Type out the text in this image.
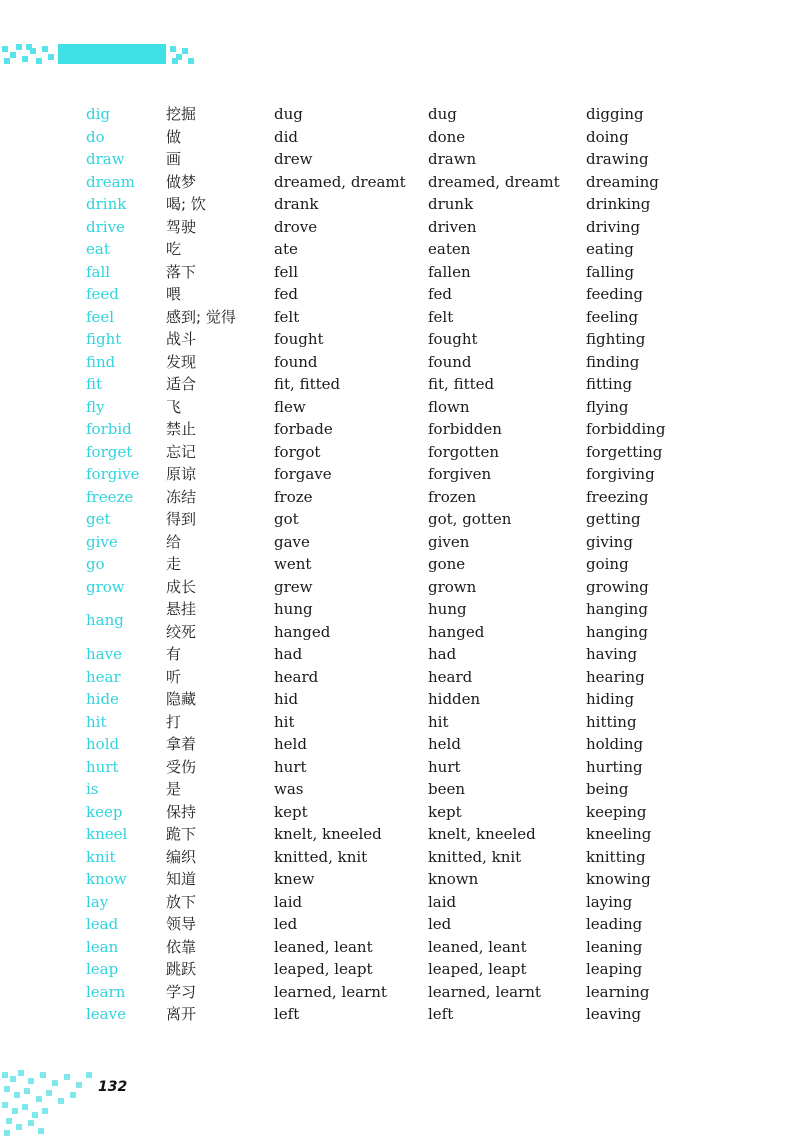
dig	挖掘	dug	dug	digging
do	做	did	done	doing
draw	画	drew	drawn	drawing
dream	做梦	dreamed, dreamt	dreamed, dreamt	dreaming
drink	喝; 饮	drank	drunk	drinking
drive	驾驶	drove	driven	driving
eat	吃	ate	eaten	eating
fall	落下	fell	fallen	falling
feed	喂	fed	fed	feeding
feel	感到; 觉得	felt	felt	feeling
fight	战斗	fought	fought	fighting
find	发现	found	found	finding
fit	适合	fit, fitted	fit, fitted	fitting
fly	飞	flew	flown	flying
forbid	禁止	forbade	forbidden	forbidding
forget	忘记	forgot	forgotten	forgetting
forgive	原谅	forgave	forgiven	forgiving
freeze	冻结	froze	frozen	freezing
get	得到	got	got, gotten	getting
give	给	gave	given	giving
go	走	went	gone	going
grow	成长	grew	grown	growing
hang	悬挂	hung	hung	hanging
	绞死	hanged	hanged	hanging
have	有	had	had	having
hear	听	heard	heard	hearing
hide	隐藏	hid	hidden	hiding
hit	打	hit	hit	hitting
hold	拿着	held	held	holding
hurt	受伤	hurt	hurt	hurting
is	是	was	been	being
keep	保持	kept	kept	keeping
kneel	跪下	knelt, kneeled	knelt, kneeled	kneeling
knit	编织	knitted, knit	knitted, knit	knitting
know	知道	knew	known	knowing
lay	放下	laid	laid	laying
lead	领导	led	led	leading
lean	依靠	leaned, leant	leaned, leant	leaning
leap	跳跃	leaped, leapt	leaped, leapt	leaping
learn	学习	learned, learnt	learned, learnt	learning
leave	离开	left	left	leaving
132
